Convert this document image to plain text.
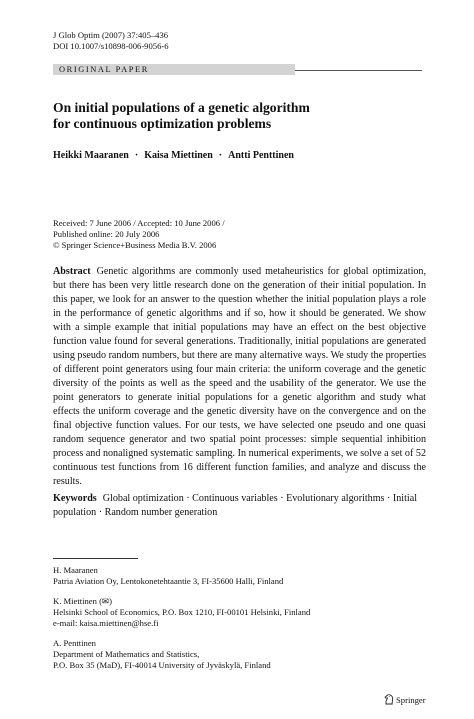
J Glob Optim (2007) 37:405–436
DOI 10.1007/s10898-006-9056-6
ORIGINAL PAPER
On initial populations of a genetic algorithm
for continuous optimization problems
Heikki Maaranen · Kaisa Miettinen · Antti Penttinen
Received: 7 June 2006 / Accepted: 10 June 2006 /
Published online: 20 July 2006
© Springer Science+Business Media B.V. 2006
Abstract Genetic algorithms are commonly used metaheuristics for global optimization, but there has been very little research done on the generation of their initial population. In this paper, we look for an answer to the question whether the initial population plays a role in the performance of genetic algorithms and if so, how it should be generated. We show with a simple example that initial populations may have an effect on the best objective function value found for several generations. Traditionally, initial populations are generated using pseudo random numbers, but there are many alternative ways. We study the properties of different point generators using four main criteria: the uniform coverage and the genetic diversity of the points as well as the speed and the usability of the generator. We use the point generators to generate initial populations for a genetic algorithm and study what effects the uniform coverage and the genetic diversity have on the convergence and on the final objective function values. For our tests, we have selected one pseudo and one quasi random sequence generator and two spatial point processes: simple sequential inhibition process and nonaligned systematic sampling. In numerical experiments, we solve a set of 52 continuous test functions from 16 different function families, and analyze and discuss the results.
Keywords Global optimization · Continuous variables · Evolutionary algorithms · Initial population · Random number generation
H. Maaranen
Patria Aviation Oy, Lentokonetehtaantie 3, FI-35600 Halli, Finland
K. Miettinen (✉)
Helsinki School of Economics, P.O. Box 1210, FI-00101 Helsinki, Finland
e-mail: kaisa.miettinen@hse.fi
A. Penttinen
Department of Mathematics and Statistics,
P.O. Box 35 (MaD), FI-40014 University of Jyväskylä, Finland
Springer
